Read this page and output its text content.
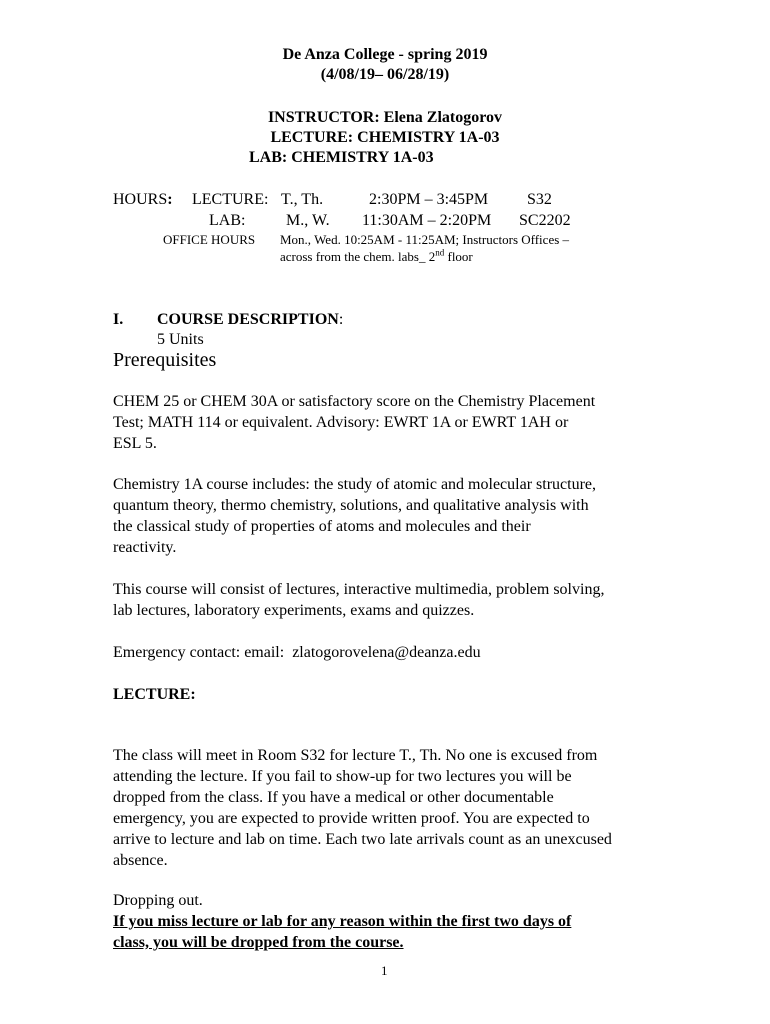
De Anza College - spring 2019
(4/08/19– 06/28/19)
INSTRUCTOR: Elena Zlatogorov
LECTURE: CHEMISTRY 1A-03
LAB: CHEMISTRY 1A-03
HOURS: LECTURE: T., Th.	2:30PM – 3:45PM S32
LAB:	M., W. 11:30AM – 2:20PM SC2202
OFFICE HOURS Mon., Wed. 10:25AM - 11:25AM; Instructors Offices –
across from the chem. labs_ 2nd floor
I. COURSE DESCRIPTION:
5 Units
Prerequisites
CHEM 25 or CHEM 30A or satisfactory score on the Chemistry Placement
Test; MATH 114 or equivalent. Advisory: EWRT 1A or EWRT 1AH or
ESL 5.
Chemistry 1A course includes: the study of atomic and molecular structure,
quantum theory, thermo chemistry, solutions, and qualitative analysis with
the classical study of properties of atoms and molecules and their
reactivity.
This course will consist of lectures, interactive multimedia, problem solving,
lab lectures, laboratory experiments, exams and quizzes.
Emergency contact: email: zlatogorovelena@deanza.edu
LECTURE:
The class will meet in Room S32 for lecture T., Th. No one is excused from
attending the lecture. If you fail to show-up for two lectures you will be
dropped from the class. If you have a medical or other documentable
emergency, you are expected to provide written proof. You are expected to
arrive to lecture and lab on time. Each two late arrivals count as an unexcused
absence.
Dropping out.
If you miss lecture or lab for any reason within the first two days of
class, you will be dropped from the course.
1
